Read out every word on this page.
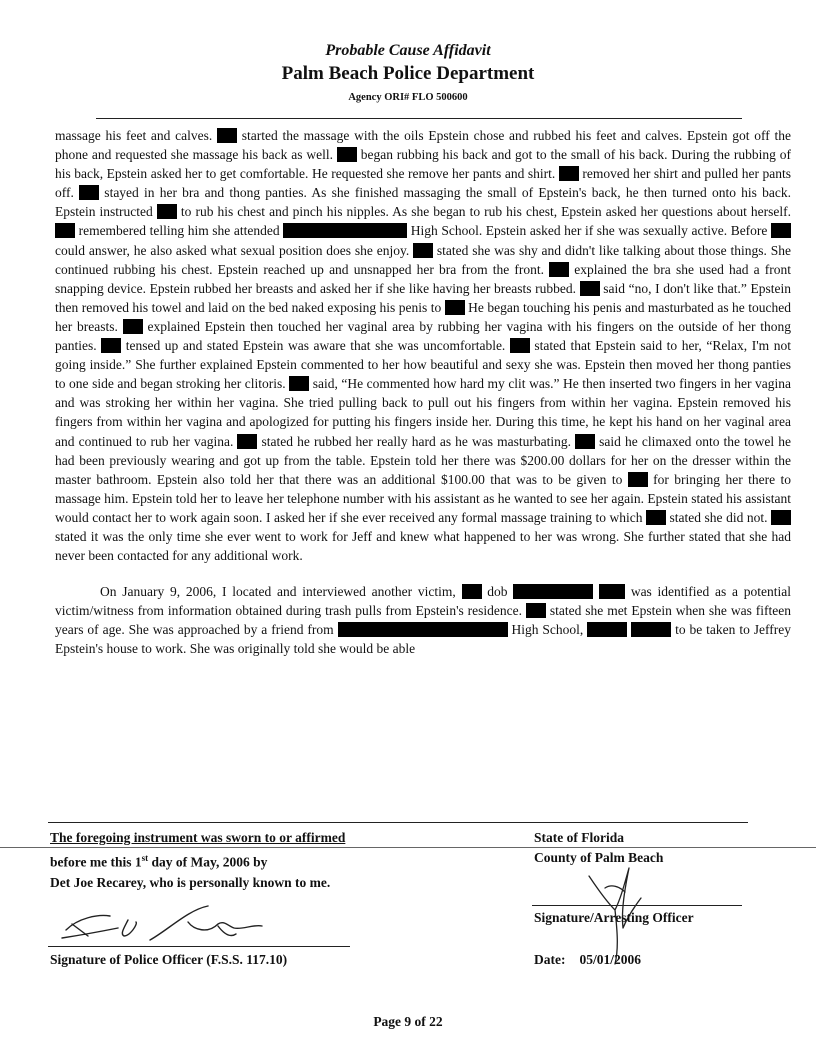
Probable Cause Affidavit
Palm Beach Police Department
Agency ORI# FLO 500600

massage his feet and calves.  started the massage with the oils Epstein chose and rubbed his feet and calves. Epstein got off the phone and requested she massage his back as well.  began rubbing his back and got to the small of his back. During the rubbing of his back, Epstein asked her to get comfortable. He requested she remove her pants and shirt.  removed her shirt and pulled her pants off.  stayed in her bra and thong panties. As she finished massaging the small of Epstein's back, he then turned onto his back. Epstein instructed  to rub his chest and pinch his nipples. As she began to rub his chest, Epstein asked her questions about herself.  remembered telling him she attended	High School. Epstein asked her if she was sexually active. Before  could answer, he also asked what sexual position does she enjoy.  stated she was shy and didn't like talking about those things. She continued rubbing his chest. Epstein reached up and unsnapped her bra from the front.  explained the bra she used had a front snapping device. Epstein rubbed her breasts and asked her if she like having her breasts rubbed.  said “no, I don't like that.” Epstein then removed his towel and laid on the bed naked exposing his penis to  He began touching his penis and masturbated as he touched her breasts.  explained Epstein then touched her vaginal area by rubbing her vagina with his fingers on the outside of her thong panties.  tensed up and stated Epstein was aware that she was uncomfortable.  stated that Epstein said to her, “Relax, I'm not going inside.” She further explained Epstein commented to her how beautiful and sexy she was. Epstein then moved her thong panties to one side and began stroking her clitoris.  said, “He commented how hard my clit was.” He then inserted two fingers in her vagina and was stroking her within her vagina. She tried pulling back to pull out his fingers from within her vagina. Epstein removed his fingers from within her vagina and apologized for putting his fingers inside her. During this time, he kept his hand on her vaginal area and continued to rub her vagina.  stated he rubbed her really hard as he was masturbating.  said he climaxed onto the towel he had been previously wearing and got up from the table. Epstein told her there was $200.00 dollars for her on the dresser within the master bathroom. Epstein also told her that there was an additional $100.00 that was to be given to  for bringing her there to massage him. Epstein told her to leave her telephone number with his assistant as he wanted to see her again. Epstein stated his assistant would contact her to work again soon. I asked her if she ever received any formal massage training to which  stated she did not.  stated it was the only time she ever went to work for Jeff and knew what happened to her was wrong. She further stated that she had never been contacted for any additional work.

On January 9, 2006, I located and interviewed another victim,  dob	was identified as a potential victim/witness from information obtained during trash pulls from Epstein's residence.  stated she met Epstein when she was fifteen years of age. She was approached by a friend from	High School,	to be taken to Jeffrey Epstein's house to work. She was originally told she would be able

The foregoing instrument was sworn to or affirmed
before me this 1st day of May, 2006 by
Det Joe Recarey, who is personally known to me.
State of Florida
County of Palm Beach
Signature of Police Officer (F.S.S. 117.10)
Signature/Arresting Officer
Date: 05/01/2006
Page 9 of 22
